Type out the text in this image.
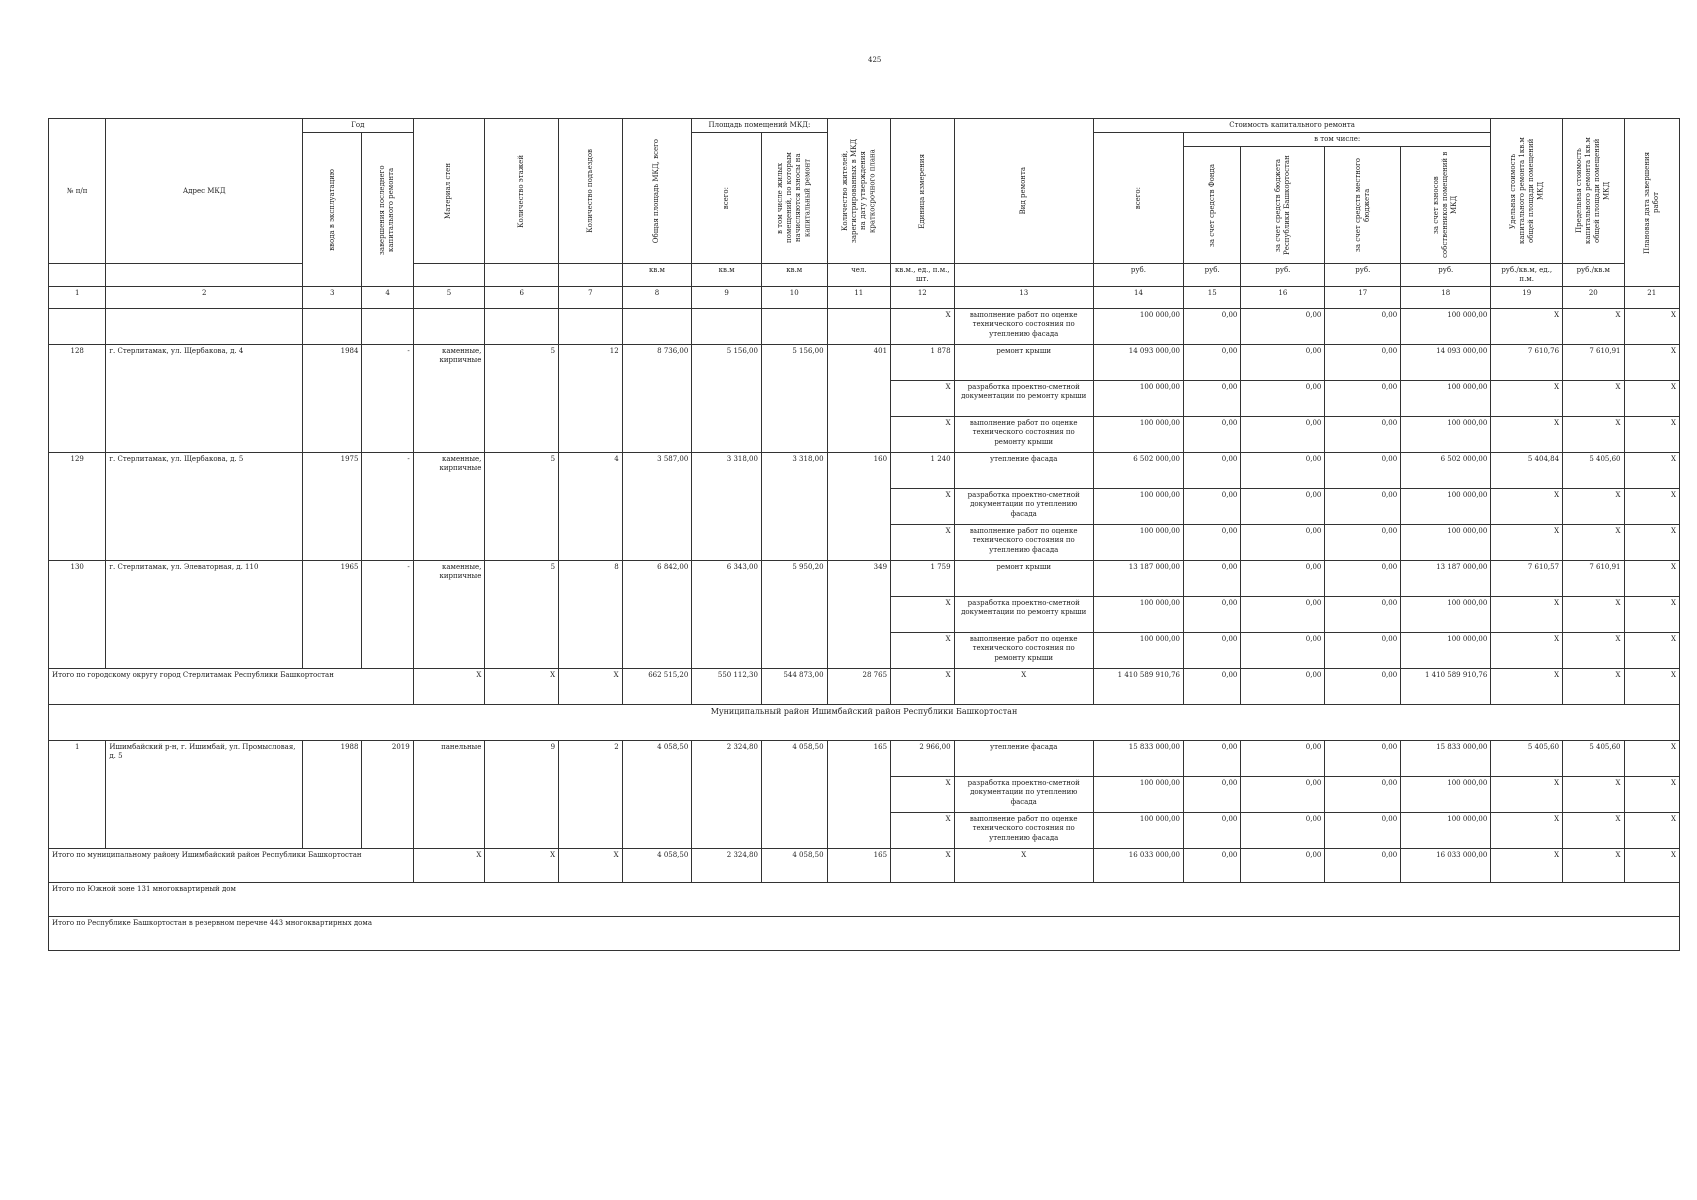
425
№ п/п	Адрес МКД	Год		Материал стен	Количество этажей	Количество подъездов	Общая площадь МКД, всего	Площадь помещений МКД:		Количество жителей, зарегистрированных в МКД на дату утверждения краткосрочного плана	Единица измерения	Вид ремонта	Стоимость капитального ремонта					Удельная стоимость капитального ремонта 1кв.м общей площади помещений МКД	Предельная стоимость капитального ремонта 1кв.м общей площади помещений МКД	Плановая дата завершения работ

		ввода в эксплуатацию	завершения последнего капитального ремонта					всего:	в том числе жилых помещений, по которым начисляются взносы на капитальный ремонт				всего:	в том числе:						

														за счет средств Фонда	за счет средств бюджета Республики Башкортостан	за счет средств местного бюджета	за счет взносов собственников помещений в МКД			

							кв.м	кв.м	кв.м	чел.	кв.м., ед., п.м., шт.		руб.	руб.	руб.	руб.	руб.	руб./кв.м, ед., п.м.	руб./кв.м	
1	2	3	4	5	6	7	8	9	10	11	12	13	14	15	16	17	18	19	20	21
											Х	выполнение работ по оценке технического состояния по утеплению фасада	100 000,00	0,00	0,00	0,00	100 000,00	Х	Х	Х
128	г. Стерлитамак, ул. Щербакова, д. 4	1984	-	каменные, кирпичные	5	12	8 736,00	5 156,00	5 156,00	401	1 878	ремонт крыши	14 093 000,00	0,00	0,00	0,00	14 093 000,00	7 610,76	7 610,91	Х
											Х	разработка проектно-сметной документации по ремонту крыши	100 000,00	0,00	0,00	0,00	100 000,00	Х	Х	Х
											Х	выполнение работ по оценке технического состояния по ремонту крыши	100 000,00	0,00	0,00	0,00	100 000,00	Х	Х	Х
129	г. Стерлитамак, ул. Щербакова, д. 5	1975	-	каменные, кирпичные	5	4	3 587,00	3 318,00	3 318,00	160	1 240	утепление фасада	6 502 000,00	0,00	0,00	0,00	6 502 000,00	5 404,84	5 405,60	Х
											Х	разработка проектно-сметной документации по утеплению фасада	100 000,00	0,00	0,00	0,00	100 000,00	Х	Х	Х
											Х	выполнение работ по оценке технического состояния по утеплению фасада	100 000,00	0,00	0,00	0,00	100 000,00	Х	Х	Х
130	г. Стерлитамак, ул. Элеваторная, д. 110	1965	-	каменные, кирпичные	5	8	6 842,00	6 343,00	5 950,20	349	1 759	ремонт крыши	13 187 000,00	0,00	0,00	0,00	13 187 000,00	7 610,57	7 610,91	Х
											Х	разработка проектно-сметной документации по ремонту крыши	100 000,00	0,00	0,00	0,00	100 000,00	Х	Х	Х
											Х	выполнение работ по оценке технического состояния по ремонту крыши	100 000,00	0,00	0,00	0,00	100 000,00	Х	Х	Х
Итого по городскому округу город Стерлитамак Республики Башкортостан				Х	Х	Х	662 515,20	550 112,30	544 873,00	28 765	Х	Х	1 410 589 910,76	0,00	0,00	0,00	1 410 589 910,76	Х	Х	Х
Муниципальный район Ишимбайский район Республики Башкортостан																				
1	Ишимбайский р-н, г. Ишимбай, ул. Промысловая, д. 5	1988	2019	панельные	9	2	4 058,50	2 324,80	4 058,50	165	2 966,00	утепление фасада	15 833 000,00	0,00	0,00	0,00	15 833 000,00	5 405,60	5 405,60	Х
											Х	разработка проектно-сметной документации по утеплению фасада	100 000,00	0,00	0,00	0,00	100 000,00	Х	Х	Х
											Х	выполнение работ по оценке технического состояния по утеплению фасада	100 000,00	0,00	0,00	0,00	100 000,00	Х	Х	Х
Итого по муниципальному району Ишимбайский район Республики Башкортостан				Х	Х	Х	4 058,50	2 324,80	4 058,50	165	Х	Х	16 033 000,00	0,00	0,00	0,00	16 033 000,00	Х	Х	Х
Итого по Южной зоне 131 многоквартирный дом																				
Итого по Республике Башкортостан в резервном перечне 443 многоквартирных дома																				
